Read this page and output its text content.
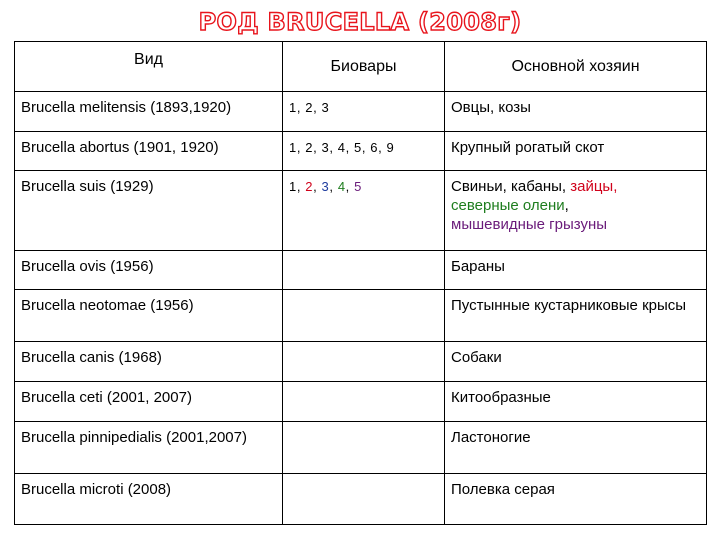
РОД BRUCELLA (2008г)
Вид	Биовары	Основной хозяин
Brucella melitensis (1893,1920)	1, 2, 3	Овцы, козы
Brucella abortus (1901, 1920)	1, 2, 3, 4, 5, 6, 9	Крупный рогатый скот
Brucella suis (1929)	1, 2, 3, 4, 5	Свиньи, кабаны, зайцы,
северные олени,
мышевидные грызуны
Brucella ovis (1956)		Бараны
Brucella neotomae (1956)		Пустынные кустарниковые крысы
Brucella canis (1968)		Собаки
Brucella ceti (2001, 2007)		Китообразные
Brucella pinnipedialis (2001,2007)		Ластоногие
Brucella microti (2008)		Полевка серая
